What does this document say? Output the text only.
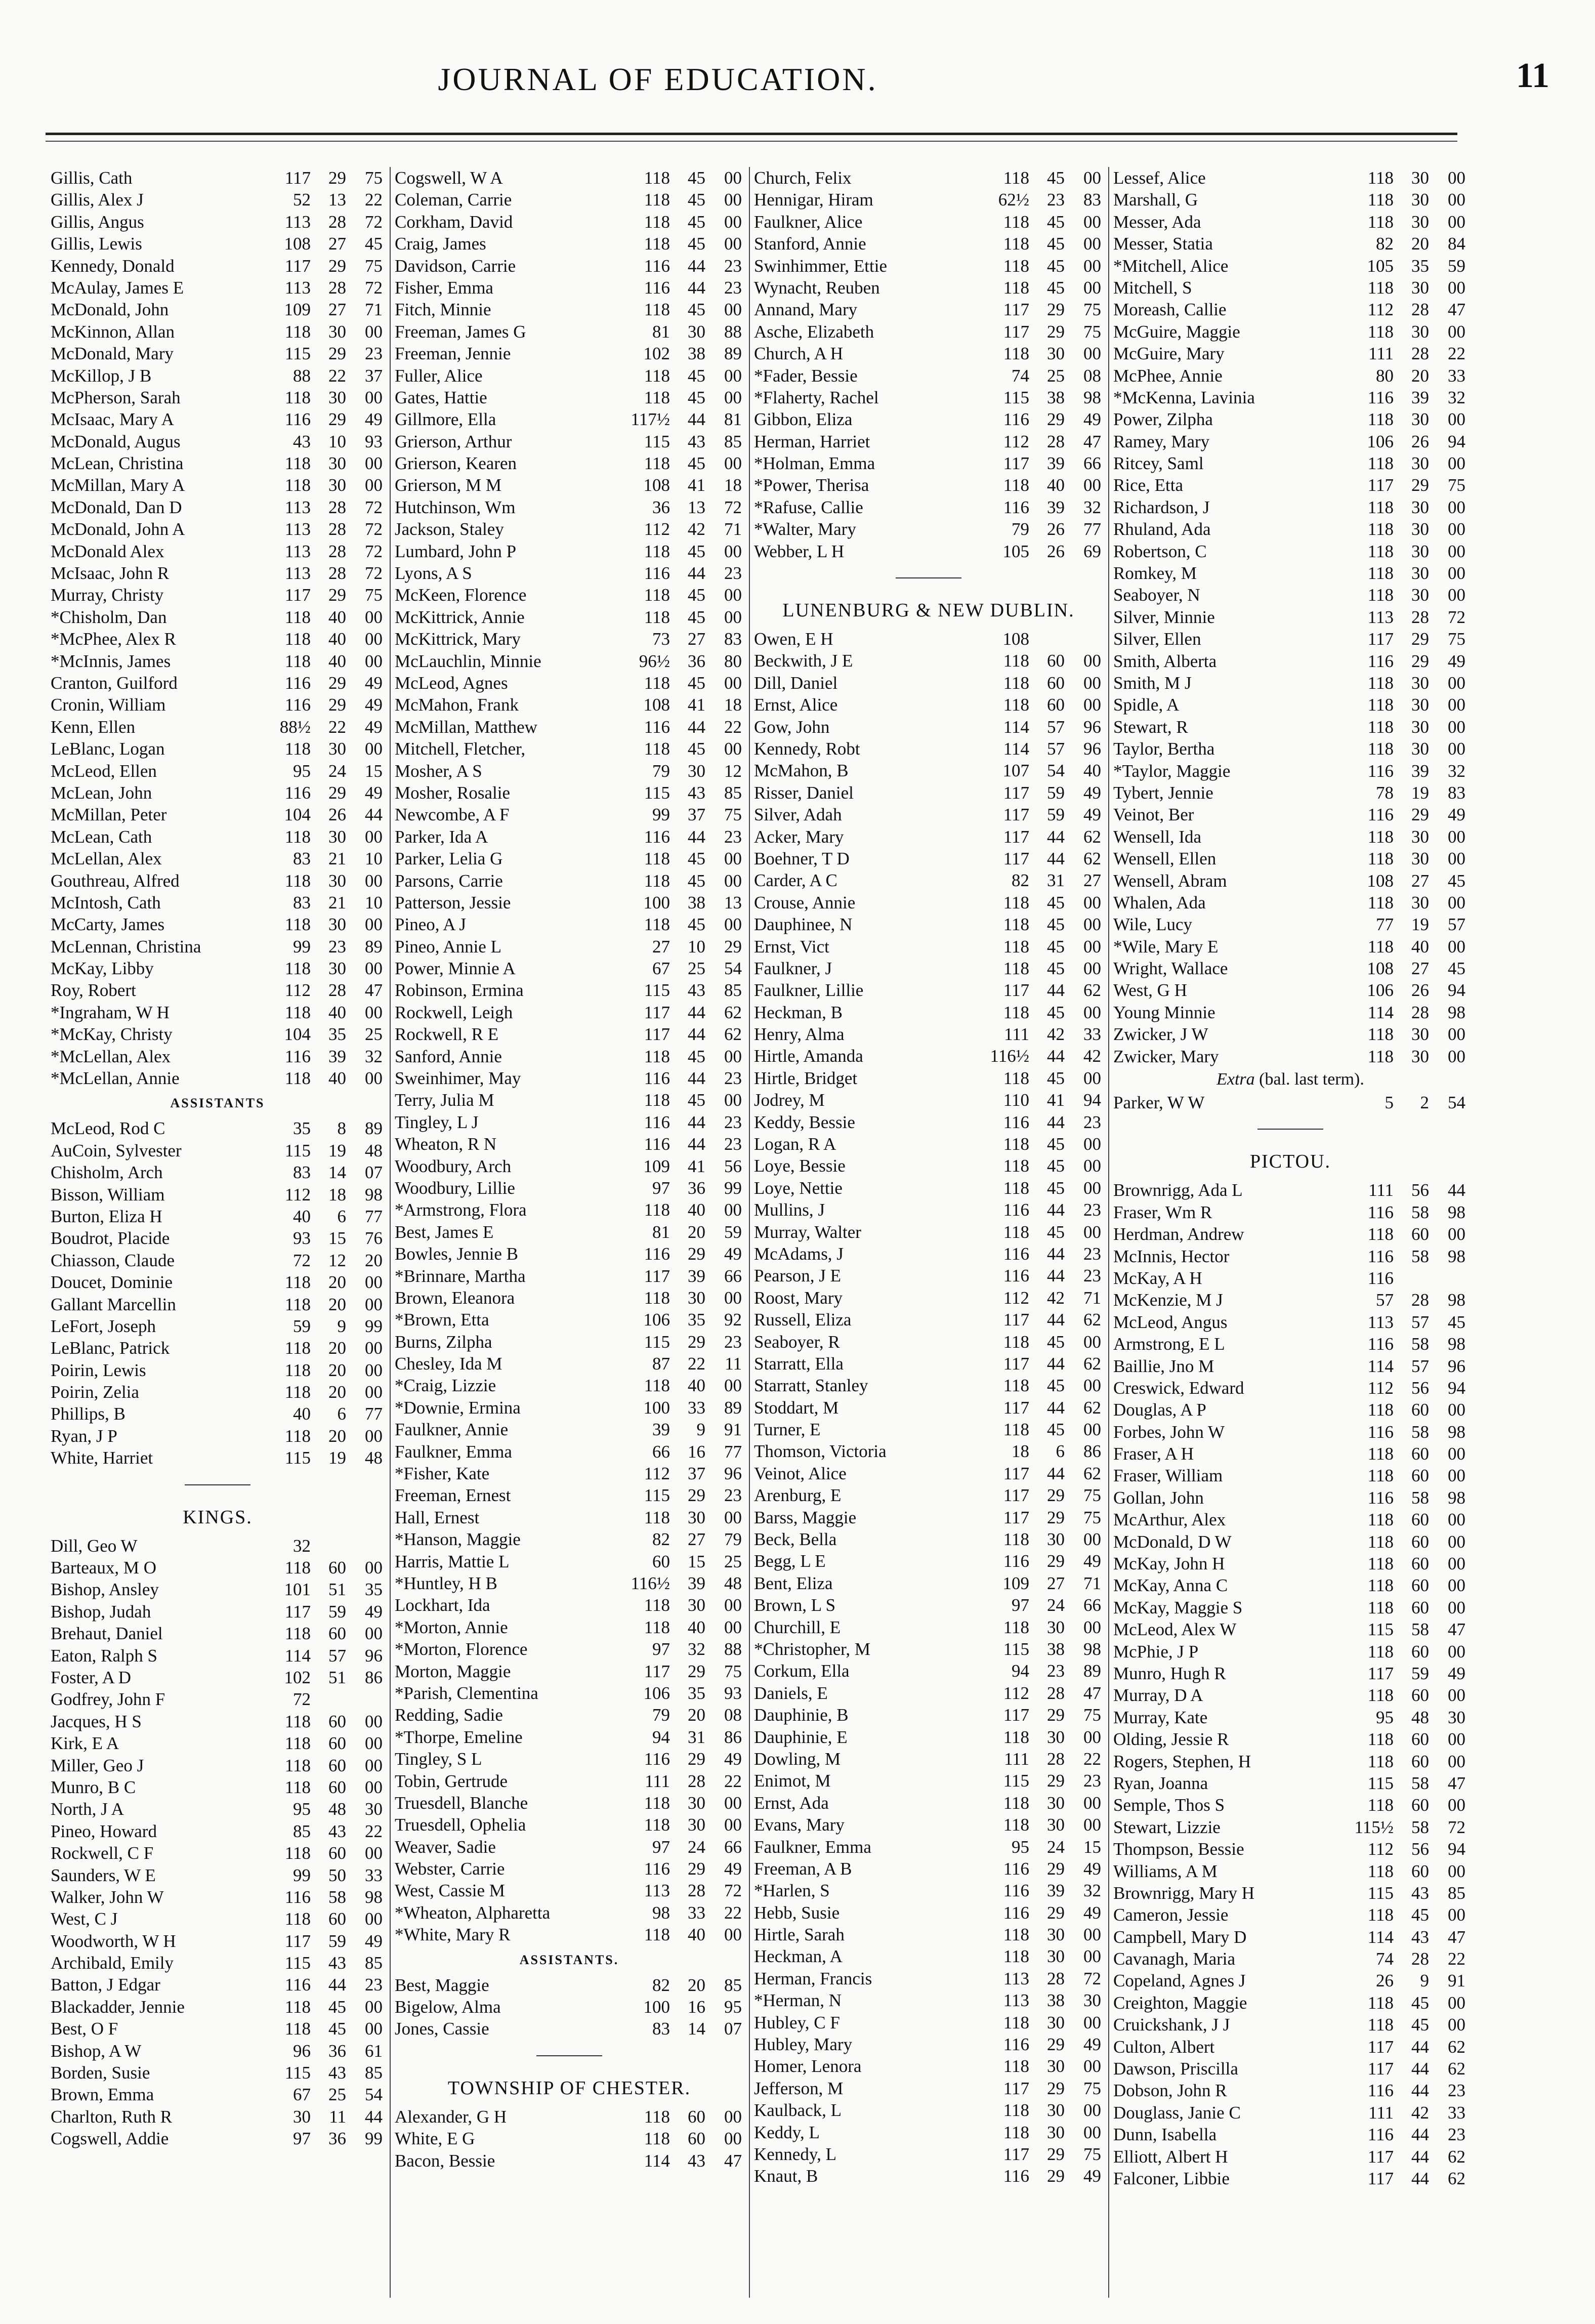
JOURNAL OF EDUCATION.	11
Gillis, Cath	117	29	75
Gillis, Alex J	52	13	22
Gillis, Angus	113	28	72
Gillis, Lewis	108	27	45
Kennedy, Donald	117	29	75
McAulay, James E	113	28	72
McDonald, John	109	27	71
McKinnon, Allan	118	30	00
McDonald, Mary	115	29	23
McKillop, J B	88	22	37
McPherson, Sarah	118	30	00
McIsaac, Mary A	116	29	49
McDonald, Augus	43	10	93
McLean, Christina	118	30	00
McMillan, Mary A	118	30	00
McDonald, Dan D	113	28	72
McDonald, John A	113	28	72
McDonald Alex	113	28	72
McIsaac, John R	113	28	72
Murray, Christy	117	29	75
*Chisholm, Dan	118	40	00
*McPhee, Alex R	118	40	00
*McInnis, James	118	40	00
Cranton, Guilford	116	29	49
Cronin, William	116	29	49
Kenn, Ellen	88½	22	49
LeBlanc, Logan	118	30	00
McLeod, Ellen	95	24	15
McLean, John	116	29	49
McMillan, Peter	104	26	44
McLean, Cath	118	30	00
McLellan, Alex	83	21	10
Gouthreau, Alfred	118	30	00
McIntosh, Cath	83	21	10
McCarty, James	118	30	00
McLennan, Christina	99	23	89
McKay, Libby	118	30	00
Roy, Robert	112	28	47
*Ingraham, W H	118	40	00
*McKay, Christy	104	35	25
*McLellan, Alex	116	39	32
*McLellan, Annie	118	40	00
ASSISTANTS
McLeod, Rod C	35	8	89
AuCoin, Sylvester	115	19	48
Chisholm, Arch	83	14	07
Bisson, William	112	18	98
Burton, Eliza H	40	6	77
Boudrot, Placide	93	15	76
Chiasson, Claude	72	12	20
Doucet, Dominie	118	20	00
Gallant Marcellin	118	20	00
LeFort, Joseph	59	9	99
LeBlanc, Patrick	118	20	00
Poirin, Lewis	118	20	00
Poirin, Zelia	118	20	00
Phillips, B	40	6	77
Ryan, J P	118	20	00
White, Harriet	115	19	48
KINGS.
Dill, Geo W	32
Barteaux, M O	118	60	00
Bishop, Ansley	101	51	35
Bishop, Judah	117	59	49
Brehaut, Daniel	118	60	00
Eaton, Ralph S	114	57	96
Foster, A D	102	51	86
Godfrey, John F	72
Jacques, H S	118	60	00
Kirk, E A	118	60	00
Miller, Geo J	118	60	00
Munro, B C	118	60	00
North, J A	95	48	30
Pineo, Howard	85	43	22
Rockwell, C F	118	60	00
Saunders, W E	99	50	33
Walker, John W	116	58	98
West, C J	118	60	00
Woodworth, W H	117	59	49
Archibald, Emily	115	43	85
Batton, J Edgar	116	44	23
Blackadder, Jennie	118	45	00
Best, O F	118	45	00
Bishop, A W	96	36	61
Borden, Susie	115	43	85
Brown, Emma	67	25	54
Charlton, Ruth R	30	11	44
Cogswell, Addie	97	36	99
Cogswell, W A	118	45	00
Coleman, Carrie	118	45	00
Corkham, David	118	45	00
Craig, James	118	45	00
Davidson, Carrie	116	44	23
Fisher, Emma	116	44	23
Fitch, Minnie	118	45	00
Freeman, James G	81	30	88
Freeman, Jennie	102	38	89
Fuller, Alice	118	45	00
Gates, Hattie	118	45	00
Gillmore, Ella	117½	44	81
Grierson, Arthur	115	43	85
Grierson, Kearen	118	45	00
Grierson, M M	108	41	18
Hutchinson, Wm	36	13	72
Jackson, Staley	112	42	71
Lumbard, John P	118	45	00
Lyons, A S	116	44	23
McKeen, Florence	118	45	00
McKittrick, Annie	118	45	00
McKittrick, Mary	73	27	83
McLauchlin, Minnie	96½	36	80
McLeod, Agnes	118	45	00
McMahon, Frank	108	41	18
McMillan, Matthew	116	44	22
Mitchell, Fletcher,	118	45	00
Mosher, A S	79	30	12
Mosher, Rosalie	115	43	85
Newcombe, A F	99	37	75
Parker, Ida A	116	44	23
Parker, Lelia G	118	45	00
Parsons, Carrie	118	45	00
Patterson, Jessie	100	38	13
Pineo, A J	118	45	00
Pineo, Annie L	27	10	29
Power, Minnie A	67	25	54
Robinson, Ermina	115	43	85
Rockwell, Leigh	117	44	62
Rockwell, R E	117	44	62
Sanford, Annie	118	45	00
Sweinhimer, May	116	44	23
Terry, Julia M	118	45	00
Tingley, L J	116	44	23
Wheaton, R N	116	44	23
Woodbury, Arch	109	41	56
Woodbury, Lillie	97	36	99
*Armstrong, Flora	118	40	00
Best, James E	81	20	59
Bowles, Jennie B	116	29	49
*Brinnare, Martha	117	39	66
Brown, Eleanora	118	30	00
*Brown, Etta	106	35	92
Burns, Zilpha	115	29	23
Chesley, Ida M	87	22	11
*Craig, Lizzie	118	40	00
*Downie, Ermina	100	33	89
Faulkner, Annie	39	9	91
Faulkner, Emma	66	16	77
*Fisher, Kate	112	37	96
Freeman, Ernest	115	29	23
Hall, Ernest	118	30	00
*Hanson, Maggie	82	27	79
Harris, Mattie L	60	15	25
*Huntley, H B	116½	39	48
Lockhart, Ida	118	30	00
*Morton, Annie	118	40	00
*Morton, Florence	97	32	88
Morton, Maggie	117	29	75
*Parish, Clementina	106	35	93
Redding, Sadie	79	20	08
*Thorpe, Emeline	94	31	86
Tingley, S L	116	29	49
Tobin, Gertrude	111	28	22
Truesdell, Blanche	118	30	00
Truesdell, Ophelia	118	30	00
Weaver, Sadie	97	24	66
Webster, Carrie	116	29	49
West, Cassie M	113	28	72
*Wheaton, Alpharetta	98	33	22
*White, Mary R	118	40	00
ASSISTANTS.
Best, Maggie	82	20	85
Bigelow, Alma	100	16	95
Jones, Cassie	83	14	07
TOWNSHIP OF CHESTER.
Alexander, G H	118	60	00
White, E G	118	60	00
Bacon, Bessie	114	43	47
Church, Felix	118	45	00
Hennigar, Hiram	62½	23	83
Faulkner, Alice	118	45	00
Stanford, Annie	118	45	00
Swinhimmer, Ettie	118	45	00
Wynacht, Reuben	118	45	00
Annand, Mary	117	29	75
Asche, Elizabeth	117	29	75
Church, A H	118	30	00
*Fader, Bessie	74	25	08
*Flaherty, Rachel	115	38	98
Gibbon, Eliza	116	29	49
Herman, Harriet	112	28	47
*Holman, Emma	117	39	66
*Power, Therisa	118	40	00
*Rafuse, Callie	116	39	32
*Walter, Mary	79	26	77
Webber, L H	105	26	69
LUNENBURG & NEW DUBLIN.
Owen, E H	108
Beckwith, J E	118	60	00
Dill, Daniel	118	60	00
Ernst, Alice	118	60	00
Gow, John	114	57	96
Kennedy, Robt	114	57	96
McMahon, B	107	54	40
Risser, Daniel	117	59	49
Silver, Adah	117	59	49
Acker, Mary	117	44	62
Boehner, T D	117	44	62
Carder, A C	82	31	27
Crouse, Annie	118	45	00
Dauphinee, N	118	45	00
Ernst, Vict	118	45	00
Faulkner, J	118	45	00
Faulkner, Lillie	117	44	62
Heckman, B	118	45	00
Henry, Alma	111	42	33
Hirtle, Amanda	116½	44	42
Hirtle, Bridget	118	45	00
Jodrey, M	110	41	94
Keddy, Bessie	116	44	23
Logan, R A	118	45	00
Loye, Bessie	118	45	00
Loye, Nettie	118	45	00
Mullins, J	116	44	23
Murray, Walter	118	45	00
McAdams, J	116	44	23
Pearson, J E	116	44	23
Roost, Mary	112	42	71
Russell, Eliza	117	44	62
Seaboyer, R	118	45	00
Starratt, Ella	117	44	62
Starratt, Stanley	118	45	00
Stoddart, M	117	44	62
Turner, E	118	45	00
Thomson, Victoria	18	6	86
Veinot, Alice	117	44	62
Arenburg, E	117	29	75
Barss, Maggie	117	29	75
Beck, Bella	118	30	00
Begg, L E	116	29	49
Bent, Eliza	109	27	71
Brown, L S	97	24	66
Churchill, E	118	30	00
*Christopher, M	115	38	98
Corkum, Ella	94	23	89
Daniels, E	112	28	47
Dauphinie, B	117	29	75
Dauphinie, E	118	30	00
Dowling, M	111	28	22
Enimot, M	115	29	23
Ernst, Ada	118	30	00
Evans, Mary	118	30	00
Faulkner, Emma	95	24	15
Freeman, A B	116	29	49
*Harlen, S	116	39	32
Hebb, Susie	116	29	49
Hirtle, Sarah	118	30	00
Heckman, A	118	30	00
Herman, Francis	113	28	72
*Herman, N	113	38	30
Hubley, C F	118	30	00
Hubley, Mary	116	29	49
Homer, Lenora	118	30	00
Jefferson, M	117	29	75
Kaulback, L	118	30	00
Keddy, L	118	30	00
Kennedy, L	117	29	75
Knaut, B	116	29	49
Lessef, Alice	118	30	00
Marshall, G	118	30	00
Messer, Ada	118	30	00
Messer, Statia	82	20	84
*Mitchell, Alice	105	35	59
Mitchell, S	118	30	00
Moreash, Callie	112	28	47
McGuire, Maggie	118	30	00
McGuire, Mary	111	28	22
McPhee, Annie	80	20	33
*McKenna, Lavinia	116	39	32
Power, Zilpha	118	30	00
Ramey, Mary	106	26	94
Ritcey, Saml	118	30	00
Rice, Etta	117	29	75
Richardson, J	118	30	00
Rhuland, Ada	118	30	00
Robertson, C	118	30	00
Romkey, M	118	30	00
Seaboyer, N	118	30	00
Silver, Minnie	113	28	72
Silver, Ellen	117	29	75
Smith, Alberta	116	29	49
Smith, M J	118	30	00
Spidle, A	118	30	00
Stewart, R	118	30	00
Taylor, Bertha	118	30	00
*Taylor, Maggie	116	39	32
Tybert, Jennie	78	19	83
Veinot, Ber	116	29	49
Wensell, Ida	118	30	00
Wensell, Ellen	118	30	00
Wensell, Abram	108	27	45
Whalen, Ada	118	30	00
Wile, Lucy	77	19	57
*Wile, Mary E	118	40	00
Wright, Wallace	108	27	45
West, G H	106	26	94
Young Minnie	114	28	98
Zwicker, J W	118	30	00
Zwicker, Mary	118	30	00
Extra (bal. last term).
Parker, W W	5	2	54
PICTOU.
Brownrigg, Ada L	111	56	44
Fraser, Wm R	116	58	98
Herdman, Andrew	118	60	00
McInnis, Hector	116	58	98
McKay, A H	116
McKenzie, M J	57	28	98
McLeod, Angus	113	57	45
Armstrong, E L	116	58	98
Baillie, Jno M	114	57	96
Creswick, Edward	112	56	94
Douglas, A P	118	60	00
Forbes, John W	116	58	98
Fraser, A H	118	60	00
Fraser, William	118	60	00
Gollan, John	116	58	98
McArthur, Alex	118	60	00
McDonald, D W	118	60	00
McKay, John H	118	60	00
McKay, Anna C	118	60	00
McKay, Maggie S	118	60	00
McLeod, Alex W	115	58	47
McPhie, J P	118	60	00
Munro, Hugh R	117	59	49
Murray, D A	118	60	00
Murray, Kate	95	48	30
Olding, Jessie R	118	60	00
Rogers, Stephen, H	118	60	00
Ryan, Joanna	115	58	47
Semple, Thos S	118	60	00
Stewart, Lizzie	115½	58	72
Thompson, Bessie	112	56	94
Williams, A M	118	60	00
Brownrigg, Mary H	115	43	85
Cameron, Jessie	118	45	00
Campbell, Mary D	114	43	47
Cavanagh, Maria	74	28	22
Copeland, Agnes J	26	9	91
Creighton, Maggie	118	45	00
Cruickshank, J J	118	45	00
Culton, Albert	117	44	62
Dawson, Priscilla	117	44	62
Dobson, John R	116	44	23
Douglass, Janie C	111	42	33
Dunn, Isabella	116	44	23
Elliott, Albert H	117	44	62
Falconer, Libbie	117	44	62
